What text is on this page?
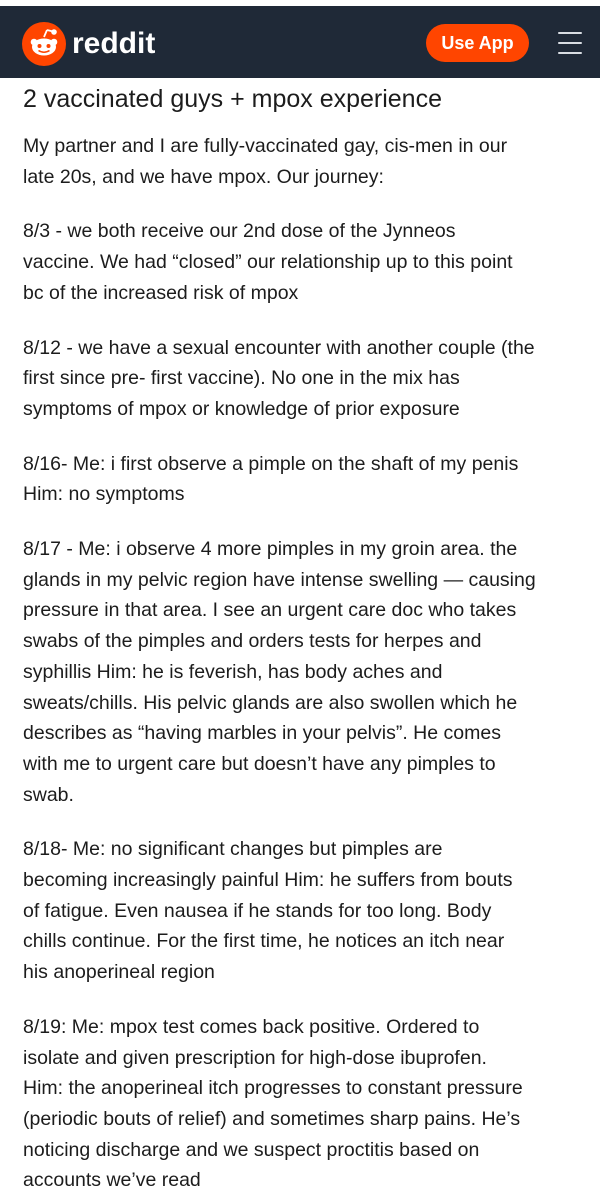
reddit	Use App
2 vaccinated guys + mpox experience

My partner and I are fully-vaccinated gay, cis-men in our
late 20s, and we have mpox. Our journey:

8/3 - we both receive our 2nd dose of the Jynneos
vaccine. We had “closed” our relationship up to this point
bc of the increased risk of mpox

8/12 - we have a sexual encounter with another couple (the
first since pre- first vaccine). No one in the mix has
symptoms of mpox or knowledge of prior exposure

8/16- Me: i first observe a pimple on the shaft of my penis
Him: no symptoms

8/17 - Me: i observe 4 more pimples in my groin area. the
glands in my pelvic region have intense swelling — causing
pressure in that area. I see an urgent care doc who takes
swabs of the pimples and orders tests for herpes and
syphillis Him: he is feverish, has body aches and
sweats/chills. His pelvic glands are also swollen which he
describes as “having marbles in your pelvis”. He comes
with me to urgent care but doesn’t have any pimples to
swab.

8/18- Me: no significant changes but pimples are
becoming increasingly painful Him: he suffers from bouts
of fatigue. Even nausea if he stands for too long. Body
chills continue. For the first time, he notices an itch near
his anoperineal region

8/19: Me: mpox test comes back positive. Ordered to
isolate and given prescription for high-dose ibuprofen.
Him: the anoperineal itch progresses to constant pressure
(periodic bouts of relief) and sometimes sharp pains. He’s
noticing discharge and we suspect proctitis based on
accounts we’ve read
